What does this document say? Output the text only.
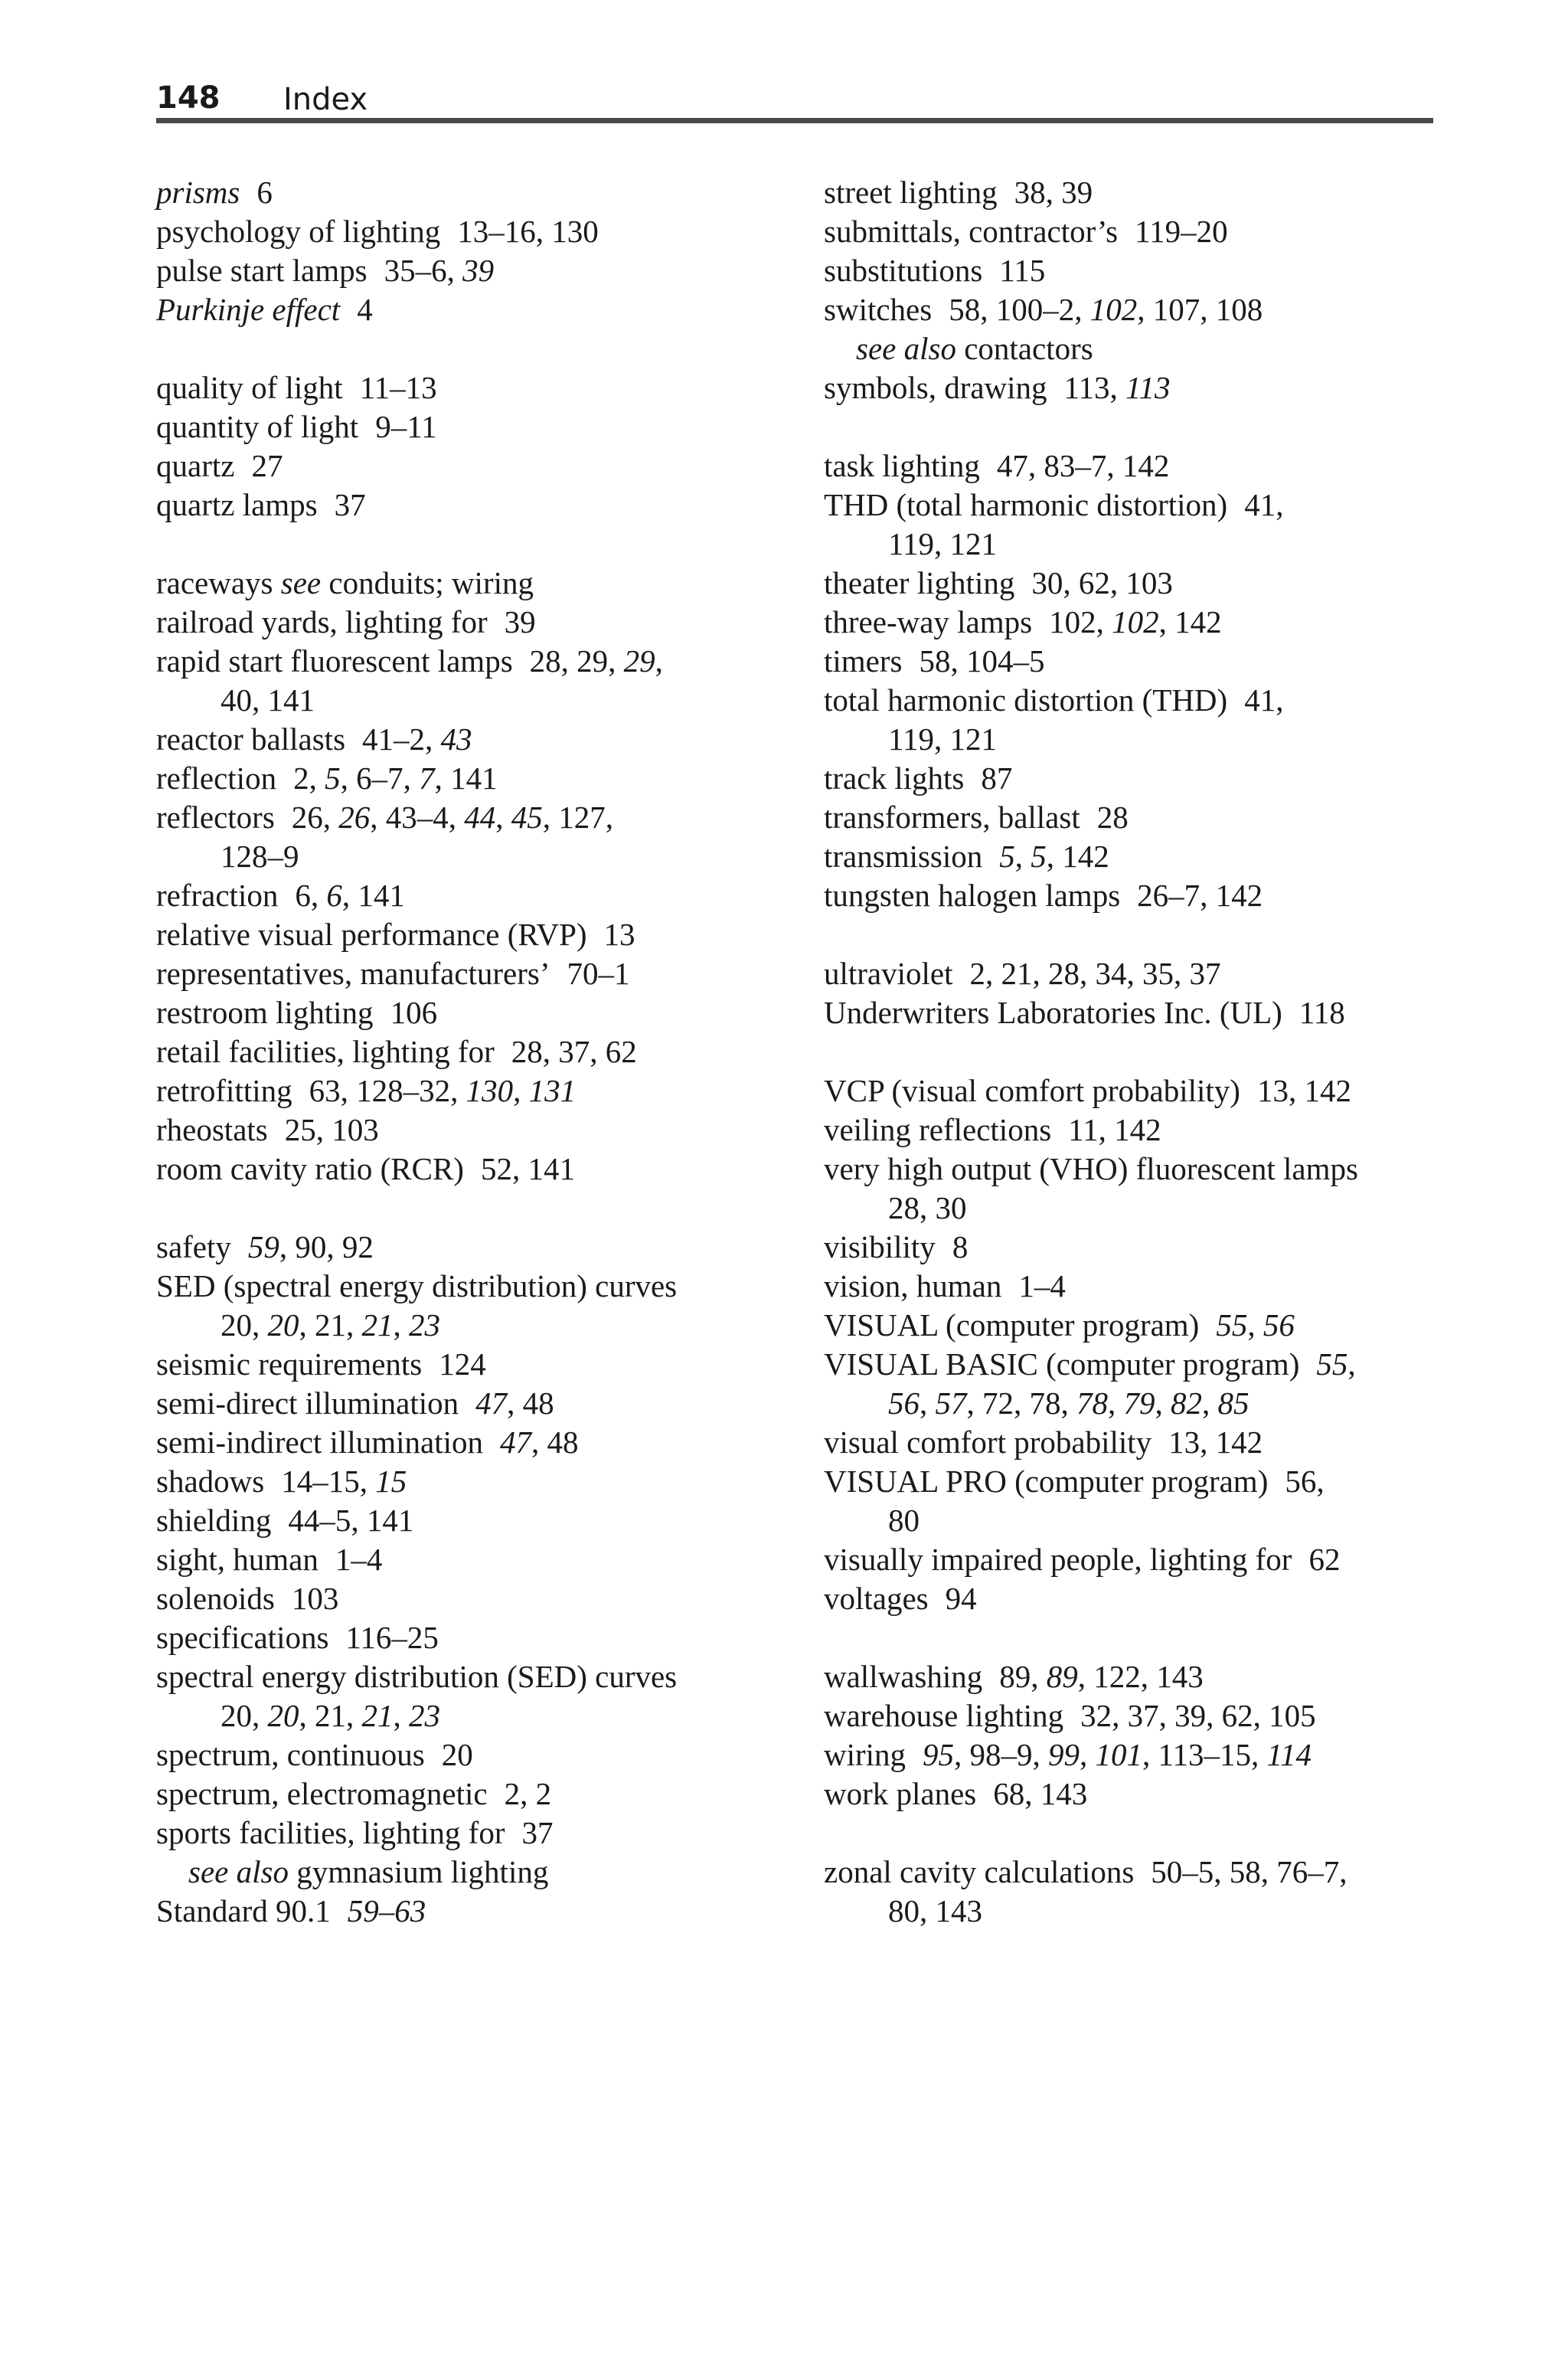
148 Index
prisms 6
psychology of lighting 13–16, 130
pulse start lamps 35–6, 39
Purkinje effect 4
quality of light 11–13
quantity of light 9–11
quartz 27
quartz lamps 37
raceways see conduits; wiring
railroad yards, lighting for 39
rapid start fluorescent lamps 28, 29, 29,
40, 141
reactor ballasts 41–2, 43
reflection 2, 5, 6–7, 7, 141
reflectors 26, 26, 43–4, 44, 45, 127,
128–9
refraction 6, 6, 141
relative visual performance (RVP) 13
representatives, manufacturers’ 70–1
restroom lighting 106
retail facilities, lighting for 28, 37, 62
retrofitting 63, 128–32, 130, 131
rheostats 25, 103
room cavity ratio (RCR) 52, 141
safety 59, 90, 92
SED (spectral energy distribution) curves
20, 20, 21, 21, 23
seismic requirements 124
semi-direct illumination 47, 48
semi-indirect illumination 47, 48
shadows 14–15, 15
shielding 44–5, 141
sight, human 1–4
solenoids 103
specifications 116–25
spectral energy distribution (SED) curves
20, 20, 21, 21, 23
spectrum, continuous 20
spectrum, electromagnetic 2, 2
sports facilities, lighting for 37
see also gymnasium lighting
Standard 90.1 59–63
street lighting 38, 39
submittals, contractor’s 119–20
substitutions 115
switches 58, 100–2, 102, 107, 108
see also contactors
symbols, drawing 113, 113
task lighting 47, 83–7, 142
THD (total harmonic distortion) 41,
119, 121
theater lighting 30, 62, 103
three-way lamps 102, 102, 142
timers 58, 104–5
total harmonic distortion (THD) 41,
119, 121
track lights 87
transformers, ballast 28
transmission 5, 5, 142
tungsten halogen lamps 26–7, 142
ultraviolet 2, 21, 28, 34, 35, 37
Underwriters Laboratories Inc. (UL) 118
VCP (visual comfort probability) 13, 142
veiling reflections 11, 142
very high output (VHO) fluorescent lamps
28, 30
visibility 8
vision, human 1–4
VISUAL (computer program) 55, 56
VISUAL BASIC (computer program) 55,
56, 57, 72, 78, 78, 79, 82, 85
visual comfort probability 13, 142
VISUAL PRO (computer program) 56,
80
visually impaired people, lighting for 62
voltages 94
wallwashing 89, 89, 122, 143
warehouse lighting 32, 37, 39, 62, 105
wiring 95, 98–9, 99, 101, 113–15, 114
work planes 68, 143
zonal cavity calculations 50–5, 58, 76–7,
80, 143
